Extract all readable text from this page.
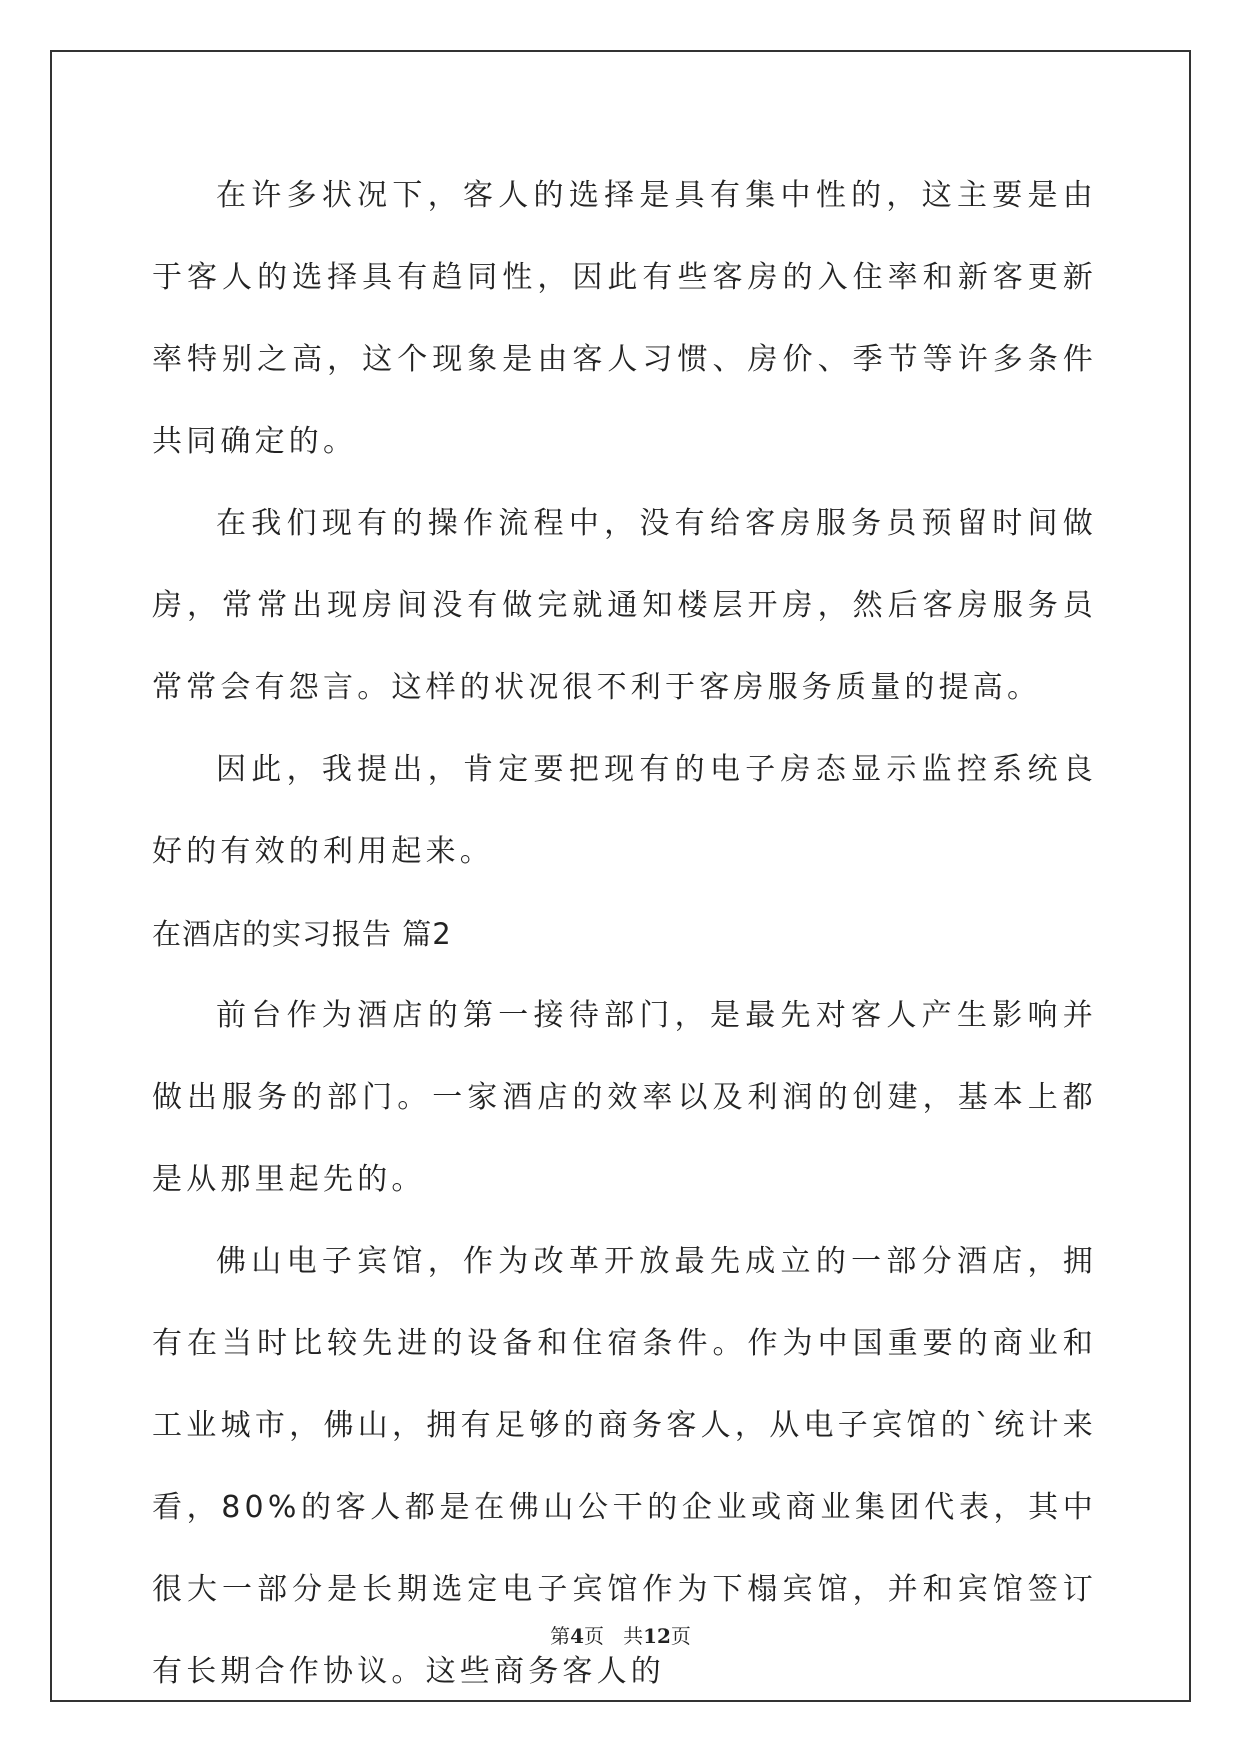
在许多状况下，客人的选择是具有集中性的，这主要是由于客人的选择具有趋同性，因此有些客房的入住率和新客更新率特别之高，这个现象是由客人习惯、房价、季节等许多条件共同确定的。

在我们现有的操作流程中，没有给客房服务员预留时间做房，常常出现房间没有做完就通知楼层开房，然后客房服务员常常会有怨言。这样的状况很不利于客房服务质量的提高。

因此，我提出，肯定要把现有的电子房态显示监控系统良好的有效的利用起来。

在酒店的实习报告 篇2

前台作为酒店的第一接待部门，是最先对客人产生影响并做出服务的部门。一家酒店的效率以及利润的创建，基本上都是从那里起先的。

佛山电子宾馆，作为改革开放最先成立的一部分酒店，拥有在当时比较先进的设备和住宿条件。作为中国重要的商业和工业城市，佛山，拥有足够的商务客人，从电子宾馆的`统计来看，80%的客人都是在佛山公干的企业或商业集团代表，其中很大一部分是长期选定电子宾馆作为下榻宾馆，并和宾馆签订有长期合作协议。这些商务客人的

第4页   共12页
